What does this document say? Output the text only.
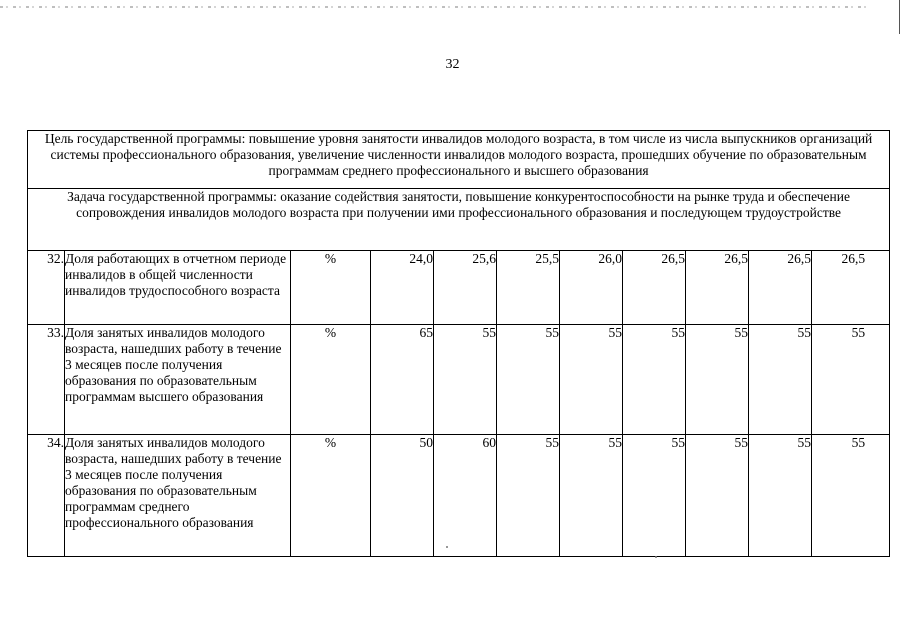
32
Цель государственной программы: повышение уровня занятости инвалидов молодого возраста, в том числе из числа выпускников организаций системы профессионального образования, увеличение численности инвалидов молодого возраста, прошедших обучение по образовательным программам среднего профессионального и высшего образования										
Задача государственной программы: оказание содействия занятости, повышение конкурентоспособности на рынке труда и обеспечение сопровождения инвалидов молодого возраста при получении ими профессионального образования и последующем трудоустройстве										
32.	Доля работающих в отчетном периоде инвалидов в общей численности инвалидов трудоспособного возраста	%	24,0	25,6	25,5	26,0	26,5	26,5	26,5	26,5
33.	Доля занятых инвалидов молодого возраста, нашедших работу в течение 3 месяцев после получения образования по образовательным программам высшего образования	%	65	55	55	55	55	55	55	55
34.	Доля занятых инвалидов молодого возраста, нашедших работу в течение 3 месяцев после получения образования по образовательным программам среднего профессионального образования	%	50	60	55	55	55	55	55	55
